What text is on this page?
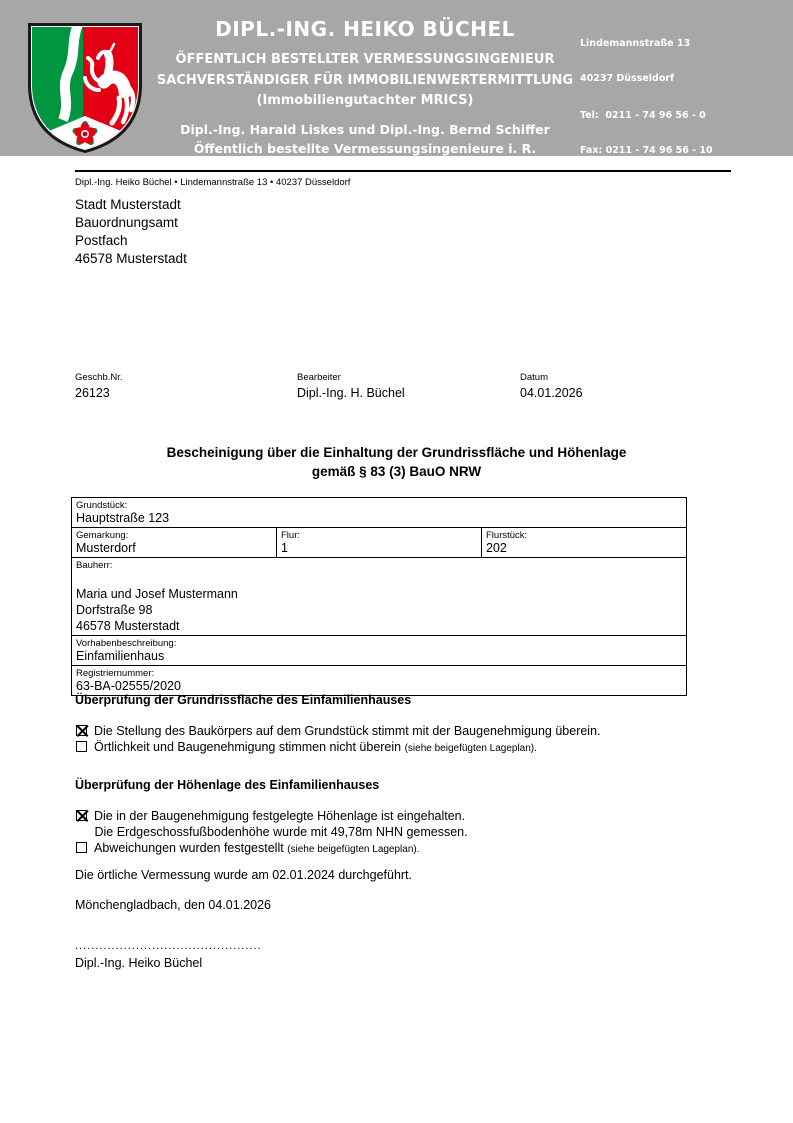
DIPL.-ING. HEIKO BÜCHEL
ÖFFENTLICH BESTELLTER VERMESSUNGSINGENIEUR
SACHVERSTÄNDIGER FÜR IMMOBILIENWERTERMITTLUNG
(Immobiliengutachter MRICS)
Dipl.-Ing. Harald Liskes und Dipl.-Ing. Bernd Schiffer
Öffentlich bestellte Vermessungsingenieure i. R.

Lindemannstraße 13

40237 Düsseldorf

Tel:  0211 - 74 96 56 - 0

Fax: 0211 - 74 96 56 - 10

E-Mail: info@buechel-kitzhoefer.de

E-Mail: info@bs-hl.de

Internet: www.buechel-kitzhoefer.de

Tel.: 02161 - 98195 - 0

Fax: 02161 - 98195 - 99

Dipl.-Ing. Heiko Büchel • Lindemannstraße 13 • 40237 Düsseldorf
Stadt Musterstadt
Bauordnungsamt
Postfach
46578 Musterstadt
Geschb.Nr.
26123
Bearbeiter
Dipl.-Ing. H. Büchel
Datum
04.01.2026
Bescheinigung über die Einhaltung der Grundrissfläche und Höhenlage
gemäß § 83 (3) BauO NRW
Grundstück:
Hauptstraße 123

Gemarkung:
Musterdorf

Flur:
1

Flurstück:
202

Bauherr:
Maria und Josef Mustermann
Dorfstraße 98
46578 Musterstadt

Vorhabenbeschreibung:
Einfamilienhaus

Registriernummer:
63-BA-02555/2020
Überprüfung der Grundrissfläche des Einfamilienhauses
Die Stellung des Baukörpers auf dem Grundstück stimmt mit der Baugenehmigung überein.
Örtlichkeit und Baugenehmigung stimmen nicht überein (siehe beigefügten Lageplan).
Überprüfung der Höhenlage des Einfamilienhauses
Die in der Baugenehmigung festgelegte Höhenlage ist eingehalten.
Die Erdgeschossfußbodenhöhe wurde mit 49,78m NHN gemessen.
Abweichungen wurden festgestellt (siehe beigefügten Lageplan).
Die örtliche Vermessung wurde am 02.01.2024 durchgeführt.
Mönchengladbach, den 04.01.2026
..............................................
Dipl.-Ing. Heiko Büchel
